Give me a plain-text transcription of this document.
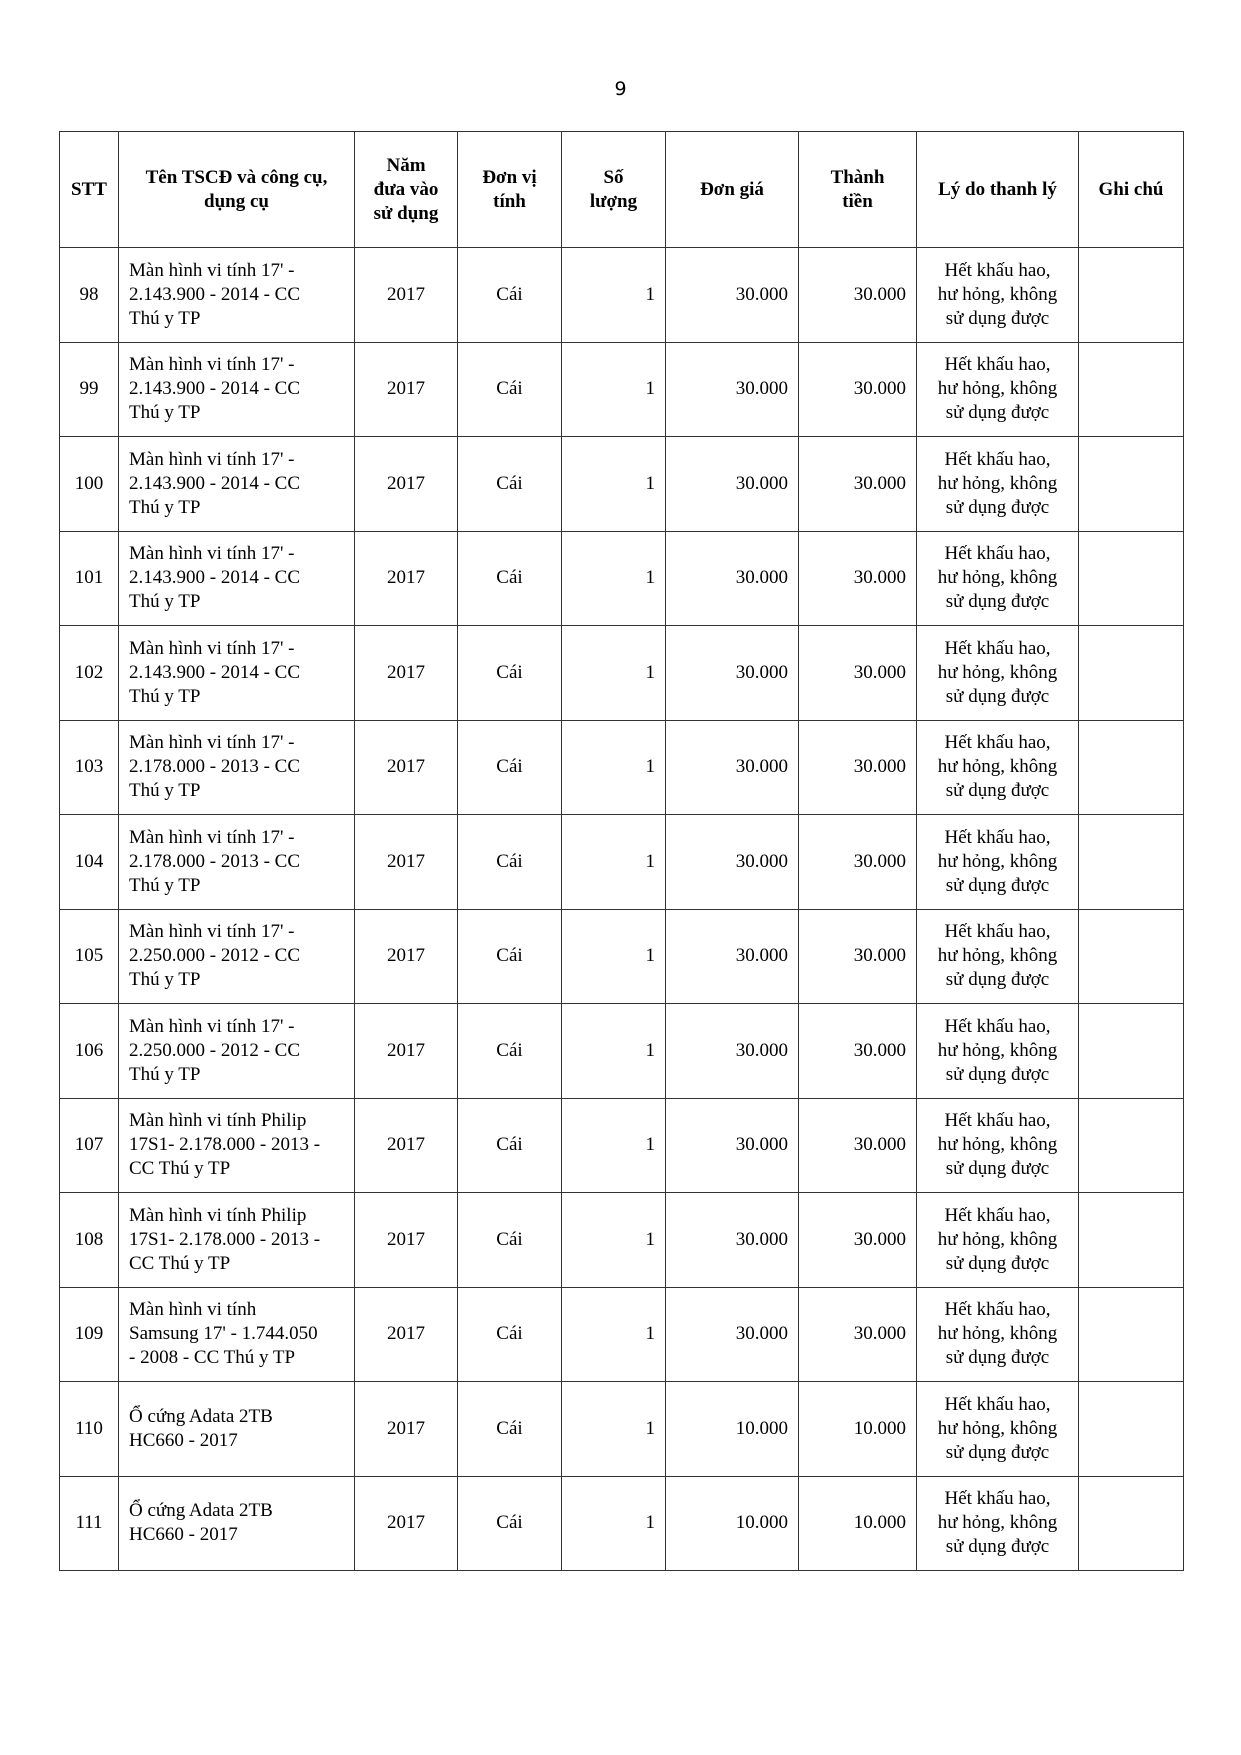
9
STT	Tên TSCĐ và công cụ,
dụng cụ	Năm
đưa vào
sử dụng	Đơn vị
tính	Số
lượng	Đơn giá	Thành
tiền	Lý do thanh lý	Ghi chú
98	Màn hình vi tính 17' -
2.143.900 - 2014 - CC
Thú y TP	2017	Cái	1	30.000	30.000	Hết khấu hao,
hư hỏng, không
sử dụng được	
99	Màn hình vi tính 17' -
2.143.900 - 2014 - CC
Thú y TP	2017	Cái	1	30.000	30.000	Hết khấu hao,
hư hỏng, không
sử dụng được	
100	Màn hình vi tính 17' -
2.143.900 - 2014 - CC
Thú y TP	2017	Cái	1	30.000	30.000	Hết khấu hao,
hư hỏng, không
sử dụng được	
101	Màn hình vi tính 17' -
2.143.900 - 2014 - CC
Thú y TP	2017	Cái	1	30.000	30.000	Hết khấu hao,
hư hỏng, không
sử dụng được	
102	Màn hình vi tính 17' -
2.143.900 - 2014 - CC
Thú y TP	2017	Cái	1	30.000	30.000	Hết khấu hao,
hư hỏng, không
sử dụng được	
103	Màn hình vi tính 17' -
2.178.000 - 2013 - CC
Thú y TP	2017	Cái	1	30.000	30.000	Hết khấu hao,
hư hỏng, không
sử dụng được	
104	Màn hình vi tính 17' -
2.178.000 - 2013 - CC
Thú y TP	2017	Cái	1	30.000	30.000	Hết khấu hao,
hư hỏng, không
sử dụng được	
105	Màn hình vi tính 17' -
2.250.000 - 2012 - CC
Thú y TP	2017	Cái	1	30.000	30.000	Hết khấu hao,
hư hỏng, không
sử dụng được	
106	Màn hình vi tính 17' -
2.250.000 - 2012 - CC
Thú y TP	2017	Cái	1	30.000	30.000	Hết khấu hao,
hư hỏng, không
sử dụng được	
107	Màn hình vi tính Philip
17S1- 2.178.000 - 2013 -
CC Thú y TP	2017	Cái	1	30.000	30.000	Hết khấu hao,
hư hỏng, không
sử dụng được	
108	Màn hình vi tính Philip
17S1- 2.178.000 - 2013 -
CC Thú y TP	2017	Cái	1	30.000	30.000	Hết khấu hao,
hư hỏng, không
sử dụng được	
109	Màn hình vi tính
Samsung 17' - 1.744.050
- 2008 - CC Thú y TP	2017	Cái	1	30.000	30.000	Hết khấu hao,
hư hỏng, không
sử dụng được	
110	Ổ cứng Adata 2TB
HC660 - 2017	2017	Cái	1	10.000	10.000	Hết khấu hao,
hư hỏng, không
sử dụng được	
111	Ổ cứng Adata 2TB
HC660 - 2017	2017	Cái	1	10.000	10.000	Hết khấu hao,
hư hỏng, không
sử dụng được	
